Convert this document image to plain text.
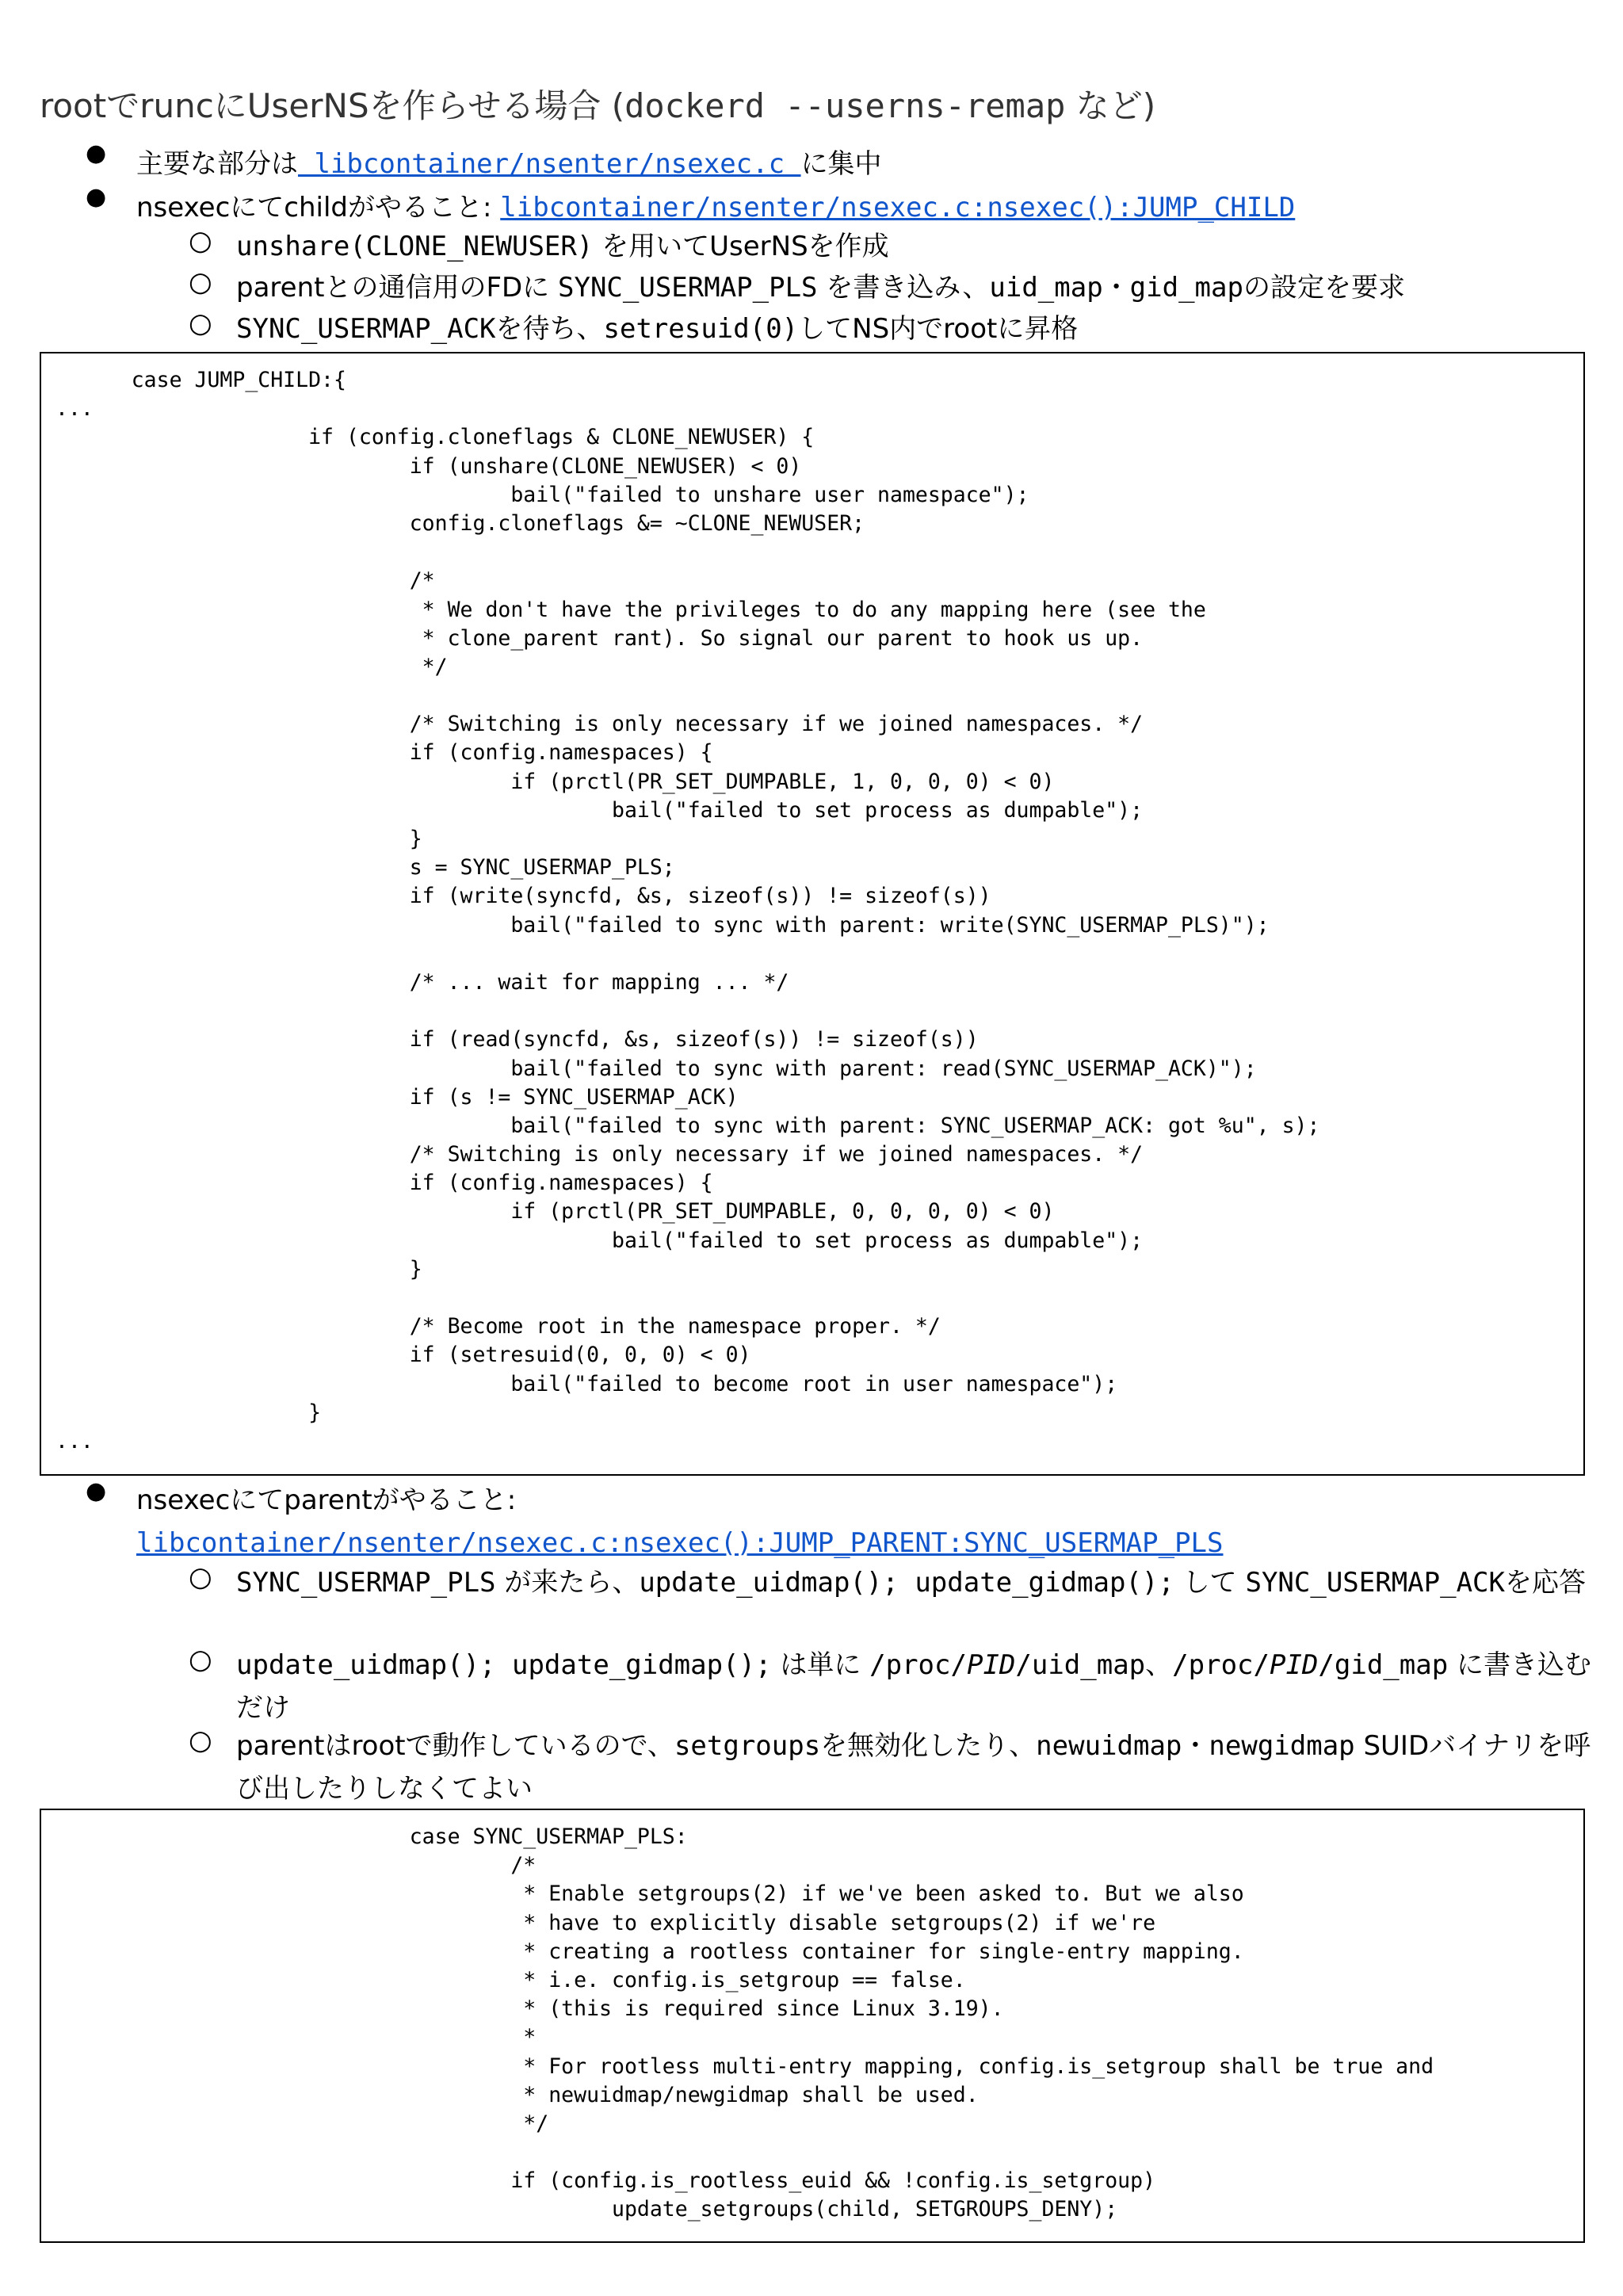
rootでruncにUserNSを作らせる場合 (dockerd --userns-remap など)
● 主要な部分は libcontainer/nsenter/nsexec.c に集中
● nsexecにてchildがやること: libcontainer/nsenter/nsexec.c:nsexec():JUMP_CHILD
○ unshare(CLONE_NEWUSER) を用いてUserNSを作成
○ parentとの通信用のFDに SYNC_USERMAP_PLS を書き込み、uid_map・gid_mapの設定を要求
○ SYNC_USERMAP_ACKを待ち、setresuid(0)してNS内でrootに昇格
case JUMP_CHILD:{
...
if (config.cloneflags & CLONE_NEWUSER) {
if (unshare(CLONE_NEWUSER) < 0)
bail("failed to unshare user namespace");
config.cloneflags &= ~CLONE_NEWUSER;
/*
* We don't have the privileges to do any mapping here (see the
* clone_parent rant). So signal our parent to hook us up.
*/
/* Switching is only necessary if we joined namespaces. */
if (config.namespaces) {
if (prctl(PR_SET_DUMPABLE, 1, 0, 0, 0) < 0)
bail("failed to set process as dumpable");
}
s = SYNC_USERMAP_PLS;
if (write(syncfd, &s, sizeof(s)) != sizeof(s))
bail("failed to sync with parent: write(SYNC_USERMAP_PLS)");
/* ... wait for mapping ... */
if (read(syncfd, &s, sizeof(s)) != sizeof(s))
bail("failed to sync with parent: read(SYNC_USERMAP_ACK)");
if (s != SYNC_USERMAP_ACK)
bail("failed to sync with parent: SYNC_USERMAP_ACK: got %u", s);
/* Switching is only necessary if we joined namespaces. */
if (config.namespaces) {
if (prctl(PR_SET_DUMPABLE, 0, 0, 0, 0) < 0)
bail("failed to set process as dumpable");
}
/* Become root in the namespace proper. */
if (setresuid(0, 0, 0) < 0)
bail("failed to become root in user namespace");
}
...
● nsexecにてparentがやること:
libcontainer/nsenter/nsexec.c:nsexec():JUMP_PARENT:SYNC_USERMAP_PLS
○ SYNC_USERMAP_PLS が来たら、update_uidmap(); update_gidmap(); して SYNC_USERMAP_ACKを応答
○ update_uidmap(); update_gidmap(); は単に /proc/PID/uid_map、/proc/PID/gid_map に書き込むだけ
○ parentはrootで動作しているので、setgroupsを無効化したり、newuidmap・newgidmap SUIDバイナリを呼び出したりしなくてよい
case SYNC_USERMAP_PLS:
/*
* Enable setgroups(2) if we've been asked to. But we also
* have to explicitly disable setgroups(2) if we're
* creating a rootless container for single-entry mapping.
* i.e. config.is_setgroup == false.
* (this is required since Linux 3.19).
*
* For rootless multi-entry mapping, config.is_setgroup shall be true and
* newuidmap/newgidmap shall be used.
*/
if (config.is_rootless_euid && !config.is_setgroup)
update_setgroups(child, SETGROUPS_DENY);
